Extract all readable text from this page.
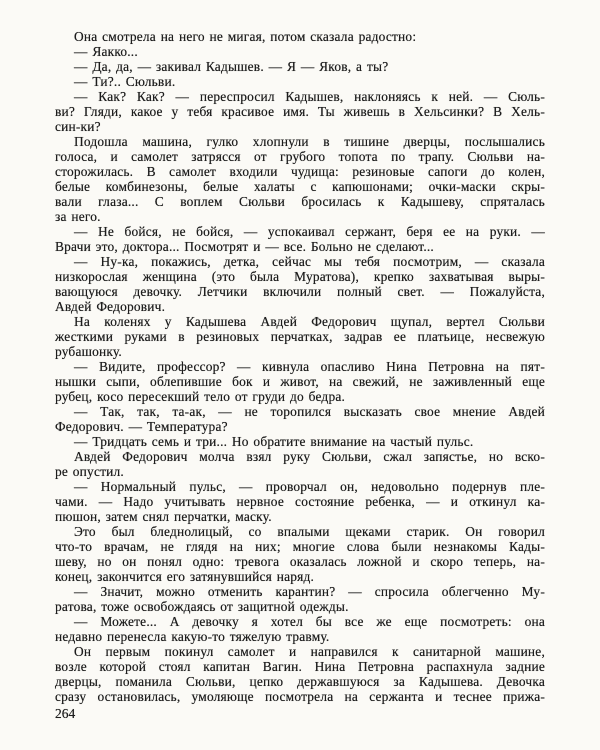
Она смотрела на него не мигая, потом сказала радостно:
— Яакко...
— Да, да, — закивал Кадышев. — Я — Яков, а ты?
— Ти?.. Сюльви.
— Как? Как? — переспросил Кадышев, наклоняясь к ней. — Сюль-
ви? Гляди, какое у тебя красивое имя. Ты живешь в Хельсинки? В Хель-
син-ки?
Подошла машина, гулко хлопнули в тишине дверцы, послышались
голоса, и самолет затрясся от грубого топота по трапу. Сюльви на-
сторожилась. В самолет входили чудища: резиновые сапоги до колен,
белые комбинезоны, белые халаты с капюшонами; очки-маски скры-
вали глаза... С воплем Сюльви бросилась к Кадышеву, спряталась
за него.
— Не бойся, не бойся, — успокаивал сержант, беря ее на руки. —
Врачи это, доктора... Посмотрят и — все. Больно не сделают...
— Ну-ка, покажись, детка, сейчас мы тебя посмотрим, — сказала
низкорослая женщина (это была Муратова), крепко захватывая выры-
вающуюся девочку. Летчики включили полный свет. — Пожалуйста,
Авдей Федорович.
На коленях у Кадышева Авдей Федорович щупал, вертел Сюльви
жесткими руками в резиновых перчатках, задрав ее платьице, несвежую
рубашонку.
— Видите, профессор? — кивнула опасливо Нина Петровна на пят-
нышки сыпи, облепившие бок и живот, на свежий, не заживленный еще
рубец, косо пересекший тело от груди до бедра.
— Так, так, та-ак, — не торопился высказать свое мнение Авдей
Федорович. — Температура?
— Тридцать семь и три... Но обратите внимание на частый пульс.
Авдей Федорович молча взял руку Сюльви, сжал запястье, но вско-
ре опустил.
— Нормальный пульс, — проворчал он, недовольно подернув пле-
чами. — Надо учитывать нервное состояние ребенка, — и откинул ка-
пюшон, затем снял перчатки, маску.
Это был бледнолицый, со впалыми щеками старик. Он говорил
что-то врачам, не глядя на них; многие слова были незнакомы Кады-
шеву, но он понял одно: тревога оказалась ложной и скоро теперь, на-
конец, закончится его затянувшийся наряд.
— Значит, можно отменить карантин? — спросила облегченно Му-
ратова, тоже освобождаясь от защитной одежды.
— Можете... А девочку я хотел бы все же еще посмотреть: она
недавно перенесла какую-то тяжелую травму.
Он первым покинул самолет и направился к санитарной машине,
возле которой стоял капитан Вагин. Нина Петровна распахнула задние
дверцы, поманила Сюльви, цепко державшуюся за Кадышева. Девочка
сразу остановилась, умоляюще посмотрела на сержанта и теснее прижа-
264
